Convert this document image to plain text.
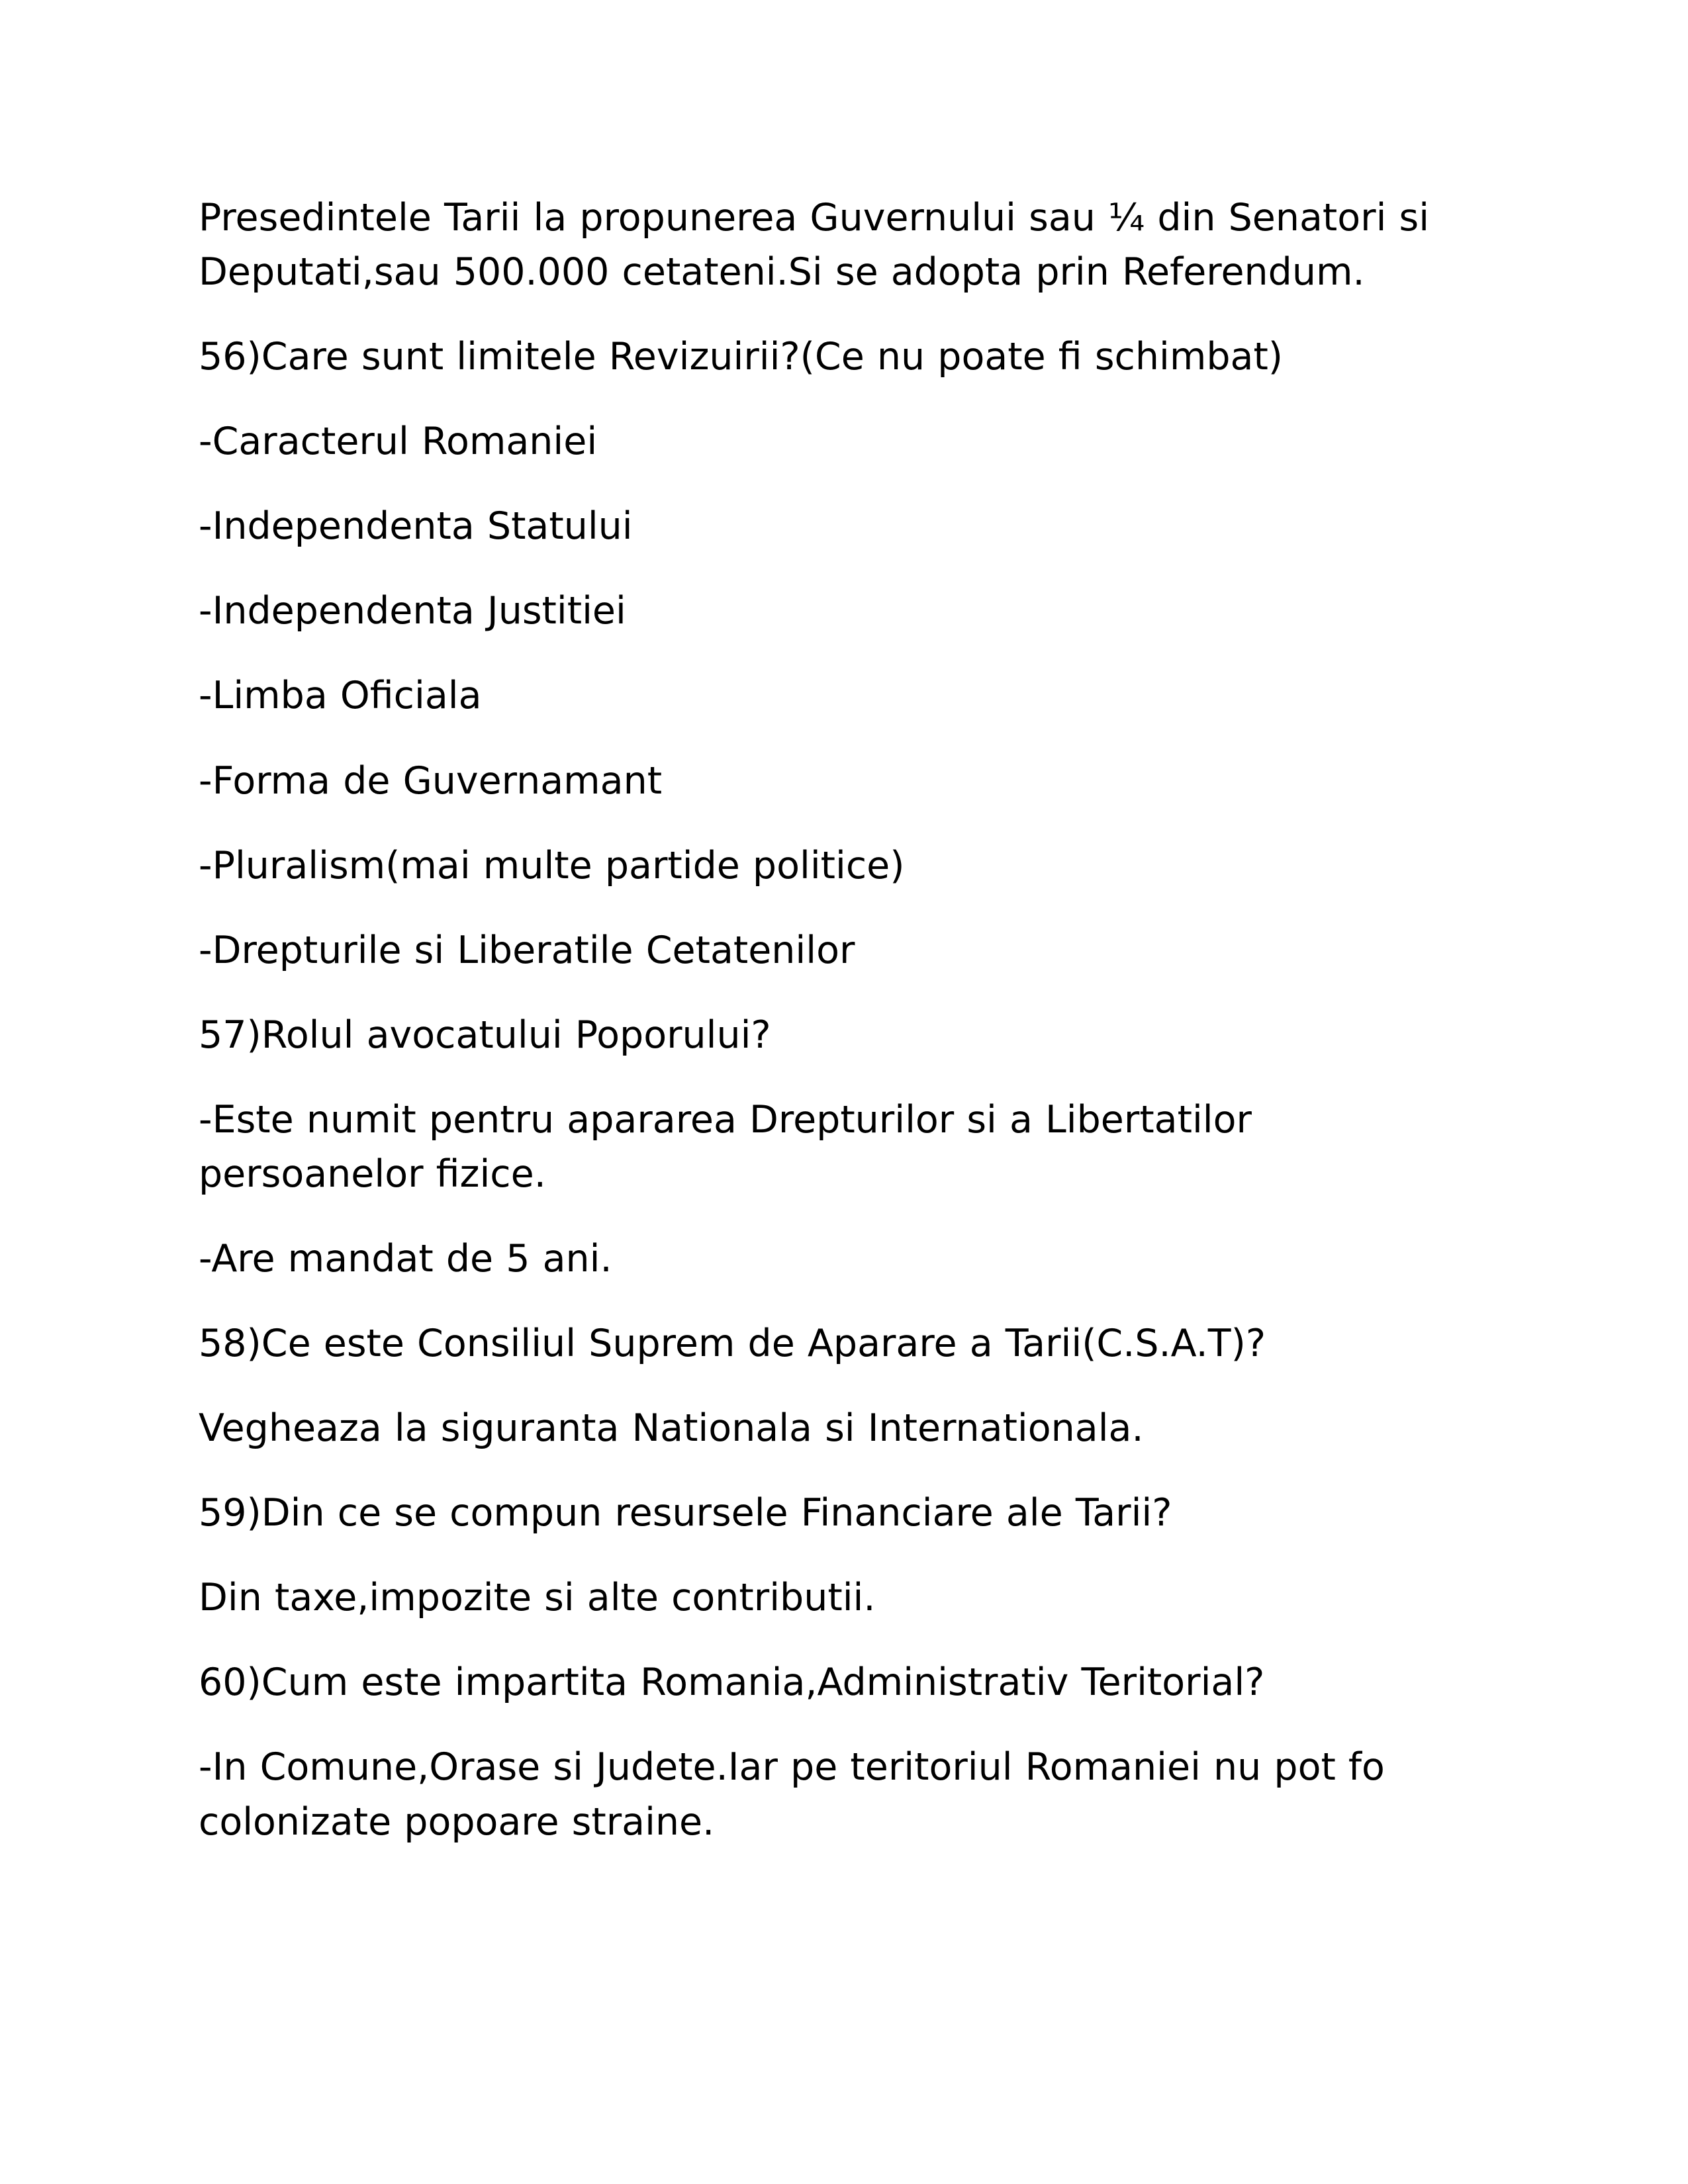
Presedintele Tarii la propunerea Guvernului sau ¼ din Senatori si Deputati,sau 500.000 cetateni.Si se adopta prin Referendum.

56)Care sunt limitele Revizuirii?(Ce nu poate fi schimbat)

-Caracterul Romaniei

-Independenta Statului

-Independenta Justitiei

-Limba Oficiala

-Forma de Guvernamant

-Pluralism(mai multe partide politice)

-Drepturile si Liberatile Cetatenilor

57)Rolul avocatului Poporului?

-Este numit pentru apararea Drepturilor si a Libertatilor persoanelor fizice.

-Are mandat de 5 ani.

58)Ce este Consiliul Suprem de Aparare a Tarii(C.S.A.T)?

Vegheaza la siguranta Nationala si Internationala.

59)Din ce se compun resursele Financiare ale Tarii?

Din taxe,impozite si alte contributii.

60)Cum este impartita Romania,Administrativ Teritorial?

-In Comune,Orase si Judete.Iar pe teritoriul Romaniei nu pot fo colonizate popoare straine.
